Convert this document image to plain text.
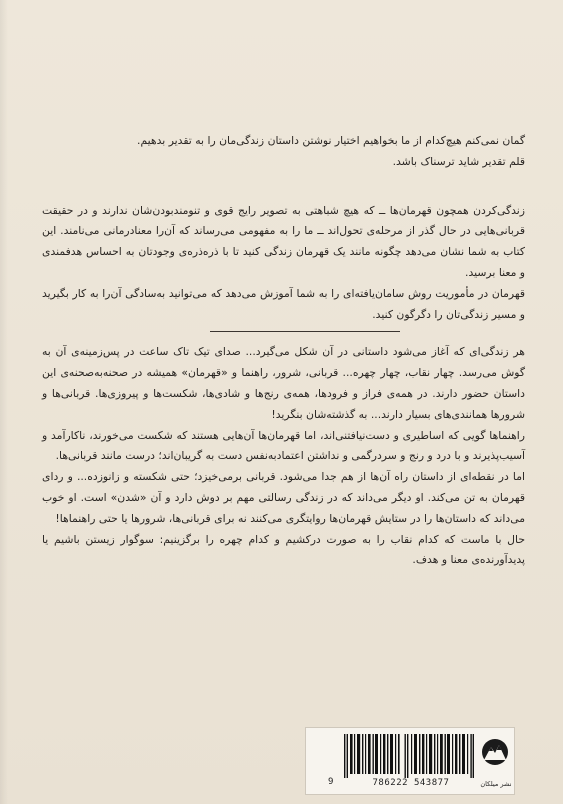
گمان نمی‌کنم هیچ‌کدام از ما بخواهیم اختیار نوشتن داستان زندگی‌مان را به تقدیر بدهیم.

قلم تقدیر شاید ترسناک باشد.

زندگی‌کردن همچون قهرمان‌ها ــ که هیچ شباهتی به تصویر رایج قوی و تنومندبودن‌شان ندارند و در حقیقت قربانی‌هایی در حال گذر از مرحله‌ی تحول‌اند ــ ما را به مفهومی می‌رساند که آن‌را معنادرمانی می‌نامند. این کتاب به شما نشان می‌دهد چگونه مانند یک قهرمان زندگی کنید تا با ذره‌ذره‌ی وجودتان به احساس هدفمندی و معنا برسید.

قهرمان در مأموریت روش سامان‌یافته‌ای را به شما آموزش می‌دهد که می‌توانید به‌سادگی آن‌را به کار بگیرید و مسیر زندگی‌تان را دگرگون کنید.

هر زندگی‌ای که آغاز می‌شود داستانی در آن شکل می‌گیرد... صدای تیک تاک ساعت در پس‌زمینه‌ی آن به گوش می‌رسد. چهار نقاب، چهار چهره... قربانی، شرور، راهنما و «قهرمان» همیشه در صحنه‌به‌صحنه‌ی این داستان حضور دارند. در همه‌ی فراز و فرودها، همه‌ی رنج‌ها و شادی‌ها، شکست‌ها و پیروزی‌ها. قربانی‌ها و شرورها همانندی‌های بسیار دارند... به گذشته‌شان بنگرید!

راهنماها گویی که اساطیری و دست‌نیافتنی‌اند، اما قهرمان‌ها آن‌هایی هستند که شکست می‌خورند، ناکارآمد و آسیب‌پذیرند و با درد و رنج و سردرگمی و نداشتن اعتمادبه‌نفس دست به گریبان‌اند؛ درست مانند قربانی‌ها.

اما در نقطه‌ای از داستان راه آن‌ها از هم جدا می‌شود. قربانی برمی‌خیزد؛ حتی شکسته و زانوزده... و ردای قهرمان به تن می‌کند. او دیگر می‌داند که در زندگی رسالتی مهم بر دوش دارد و آن «شدن» است. او خوب می‌داند که داستان‌ها را در ستایش قهرمان‌ها روایتگری می‌کنند نه برای قربانی‌ها، شرورها یا حتی راهنماها!

حال با ماست که کدام نقاب را به صورت درکشیم و کدام چهره را برگزینیم: سوگوار زیستن باشیم یا پدیدآورنده‌ی معنا و هدف.

9	786222 543877	نشر میلکان
